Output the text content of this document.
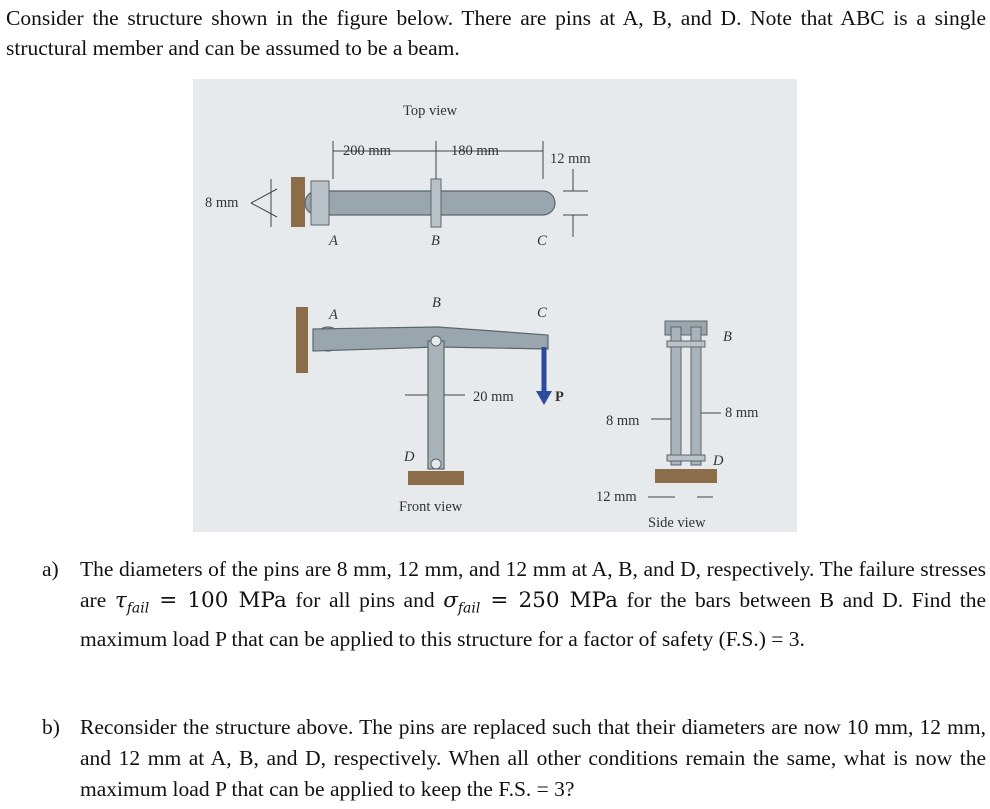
Consider the structure shown in the figure below. There are pins at A, B, and D. Note that ABC is a single structural member and can be assumed to be a beam.
Top view
200 mm	180 mm	12 mm
8 mm
A	B	C
A
B
C
20 mm	P
D
Front view
B
D
8 mm	8 mm
12 mm
Side view
a) The diameters of the pins are 8 mm, 12 mm, and 12 mm at A, B, and D, respectively. The failure stresses are $\tau_{fail} = 100$ MPa for all pins and $\sigma_{fail} = 250$ MPa for the bars between B and D. Find the maximum load P that can be applied to this structure for a factor of safety (F.S.) = 3.
b) Reconsider the structure above. The pins are replaced such that their diameters are now 10 mm, 12 mm, and 12 mm at A, B, and D, respectively. When all other conditions remain the same, what is now the maximum load P that can be applied to keep the F.S. = 3?
